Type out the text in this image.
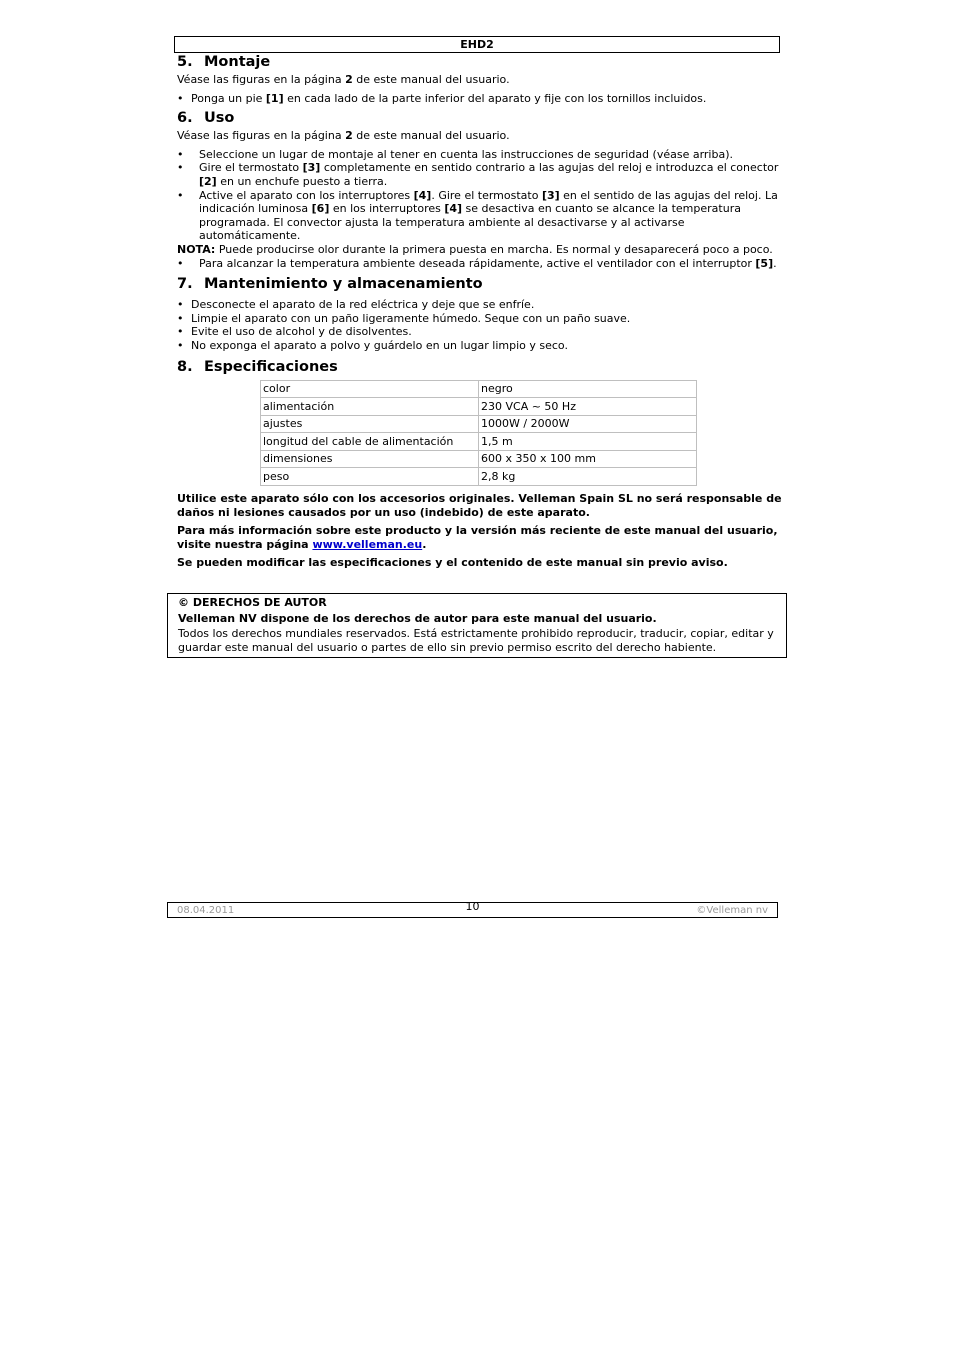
EHD2
5. Montaje

Véase las figuras en la página 2 de este manual del usuario.

• Ponga un pie [1] en cada lado de la parte inferior del aparato y fije con los tornillos incluidos.
6. Uso

Véase las figuras en la página 2 de este manual del usuario.

• Seleccione un lugar de montaje al tener en cuenta las instrucciones de seguridad (véase arriba).
• Gire el termostato [3] completamente en sentido contrario a las agujas del reloj e introduzca el conector [2] en un enchufe puesto a tierra.
• Active el aparato con los interruptores [4]. Gire el termostato [3] en el sentido de las agujas del reloj. La indicación luminosa [6] en los interruptores [4] se desactiva en cuanto se alcance la temperatura programada. El convector ajusta la temperatura ambiente al desactivarse y al activarse automáticamente.

NOTA: Puede producirse olor durante la primera puesta en marcha. Es normal y desaparecerá poco a poco.

• Para alcanzar la temperatura ambiente deseada rápidamente, active el ventilador con el interruptor [5].
7. Mantenimiento y almacenamiento
• Desconecte el aparato de la red eléctrica y deje que se enfríe.
• Limpie el aparato con un paño ligeramente húmedo. Seque con un paño suave.
• Evite el uso de alcohol y de disolventes.
• No exponga el aparato a polvo y guárdelo en un lugar limpio y seco.
8. Especificaciones
color	negro
alimentación	230 VCA ~ 50 Hz
ajustes	1000W / 2000W
longitud del cable de alimentación	1,5 m
dimensiones	600 x 350 x 100 mm
peso	2,8 kg

Utilice este aparato sólo con los accesorios originales. Velleman Spain SL no será responsable de daños ni lesiones causados por un uso (indebido) de este aparato.

Para más información sobre este producto y la versión más reciente de este manual del usuario, visite nuestra página www.velleman.eu.

Se pueden modificar las especificaciones y el contenido de este manual sin previo aviso.

© DERECHOS DE AUTOR

Velleman NV dispone de los derechos de autor para este manual del usuario.

Todos los derechos mundiales reservados. Está estrictamente prohibido reproducir, traducir, copiar, editar y guardar este manual del usuario o partes de ello sin previo permiso escrito del derecho habiente.

08.04.2011	10	©Velleman nv
